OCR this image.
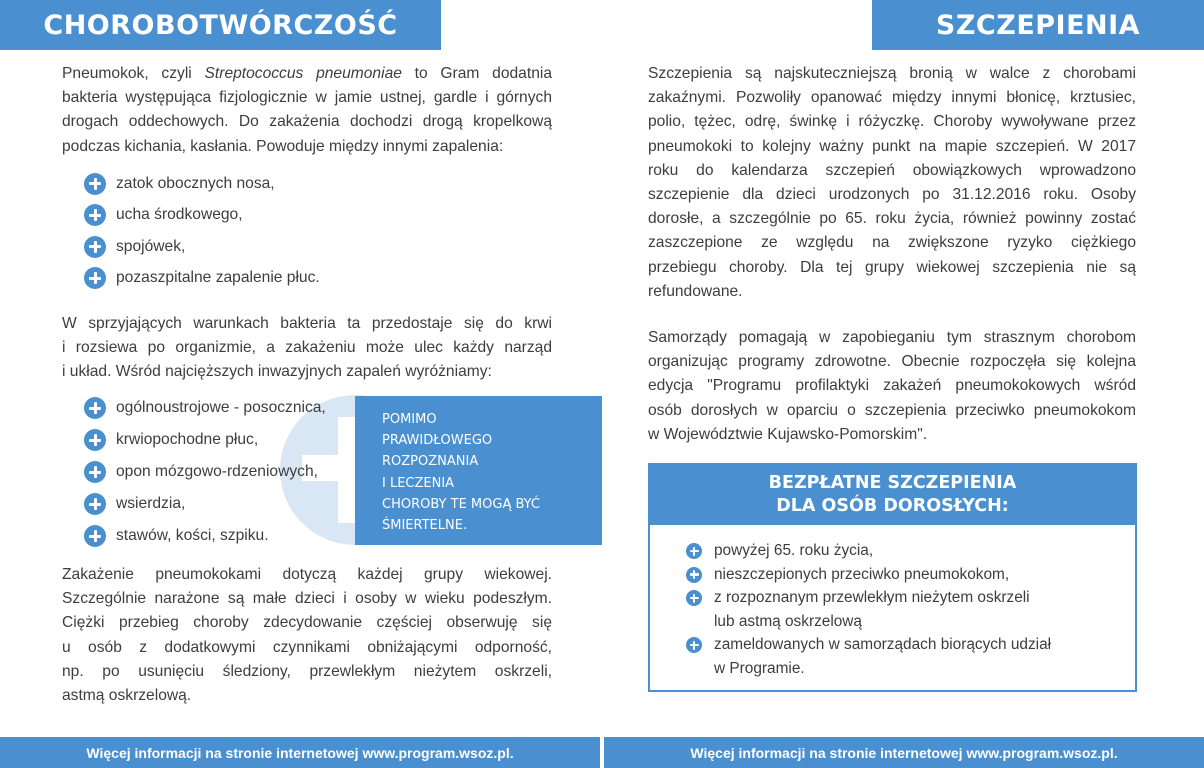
CHOROBOTWÓRCZOŚĆ
Pneumokok, czyli Streptococcus pneumoniae to Gram dodatnia
bakteria występująca fizjologicznie w jamie ustnej, gardle i górnych
drogach oddechowych. Do zakażenia dochodzi drogą kropelkową
podczas kichania, kasłania. Powoduje między innymi zapalenia:
zatok obocznych nosa,
ucha środkowego,
spojówek,
pozaszpitalne zapalenie płuc.
W sprzyjających warunkach bakteria ta przedostaje się do krwi
i rozsiewa po organizmie, a zakażeniu może ulec każdy narząd
i układ. Wśród najcięższych inwazyjnych zapaleń wyróżniamy:
ogólnoustrojowe - posocznica,
krwiopochodne płuc,
opon mózgowo-rdzeniowych,
wsierdzia,
stawów, kości, szpiku.
POMIMO
PRAWIDŁOWEGO
ROZPOZNANIA
I LECZENIA
CHOROBY TE MOGĄ BYĆ
ŚMIERTELNE.
Zakażenie pneumokokami dotyczą każdej grupy wiekowej.
Szczególnie narażone są małe dzieci i osoby w wieku podeszłym.
Ciężki przebieg choroby zdecydowanie częściej obserwuję się
u osób z dodatkowymi czynnikami obniżającymi odporność,
np. po usunięciu śledziony, przewlekłym nieżytem oskrzeli,
astmą oskrzelową.
Więcej informacji na stronie internetowej www.program.wsoz.pl.
SZCZEPIENIA
Szczepienia są najskuteczniejszą bronią w walce z chorobami
zakaźnymi. Pozwoliły opanować między innymi błonicę, krztusiec,
polio, tężec, odrę, świnkę i różyczkę. Choroby wywoływane przez
pneumokoki to kolejny ważny punkt na mapie szczepień. W 2017
roku do kalendarza szczepień obowiązkowych wprowadzono
szczepienie dla dzieci urodzonych po 31.12.2016 roku. Osoby
dorosłe, a szczególnie po 65. roku życia, również powinny zostać
zaszczepione ze względu na zwiększone ryzyko ciężkiego
przebiegu choroby. Dla tej grupy wiekowej szczepienia nie są
refundowane.
Samorządy pomagają w zapobieganiu tym strasznym chorobom
organizując programy zdrowotne. Obecnie rozpoczęła się kolejna
edycja "Programu profilaktyki zakażeń pneumokokowych wśród
osób dorosłych w oparciu o szczepienia przeciwko pneumokokom
w Województwie Kujawsko-Pomorskim".
BEZPŁATNE SZCZEPIENIA
DLA OSÓB DOROSŁYCH:
powyżej 65. roku życia,
nieszczepionych przeciwko pneumokokom,
z rozpoznanym przewlekłym nieżytem oskrzeli
lub astmą oskrzelową
zameldowanych w samorządach biorących udział
w Programie.
Więcej informacji na stronie internetowej www.program.wsoz.pl.
